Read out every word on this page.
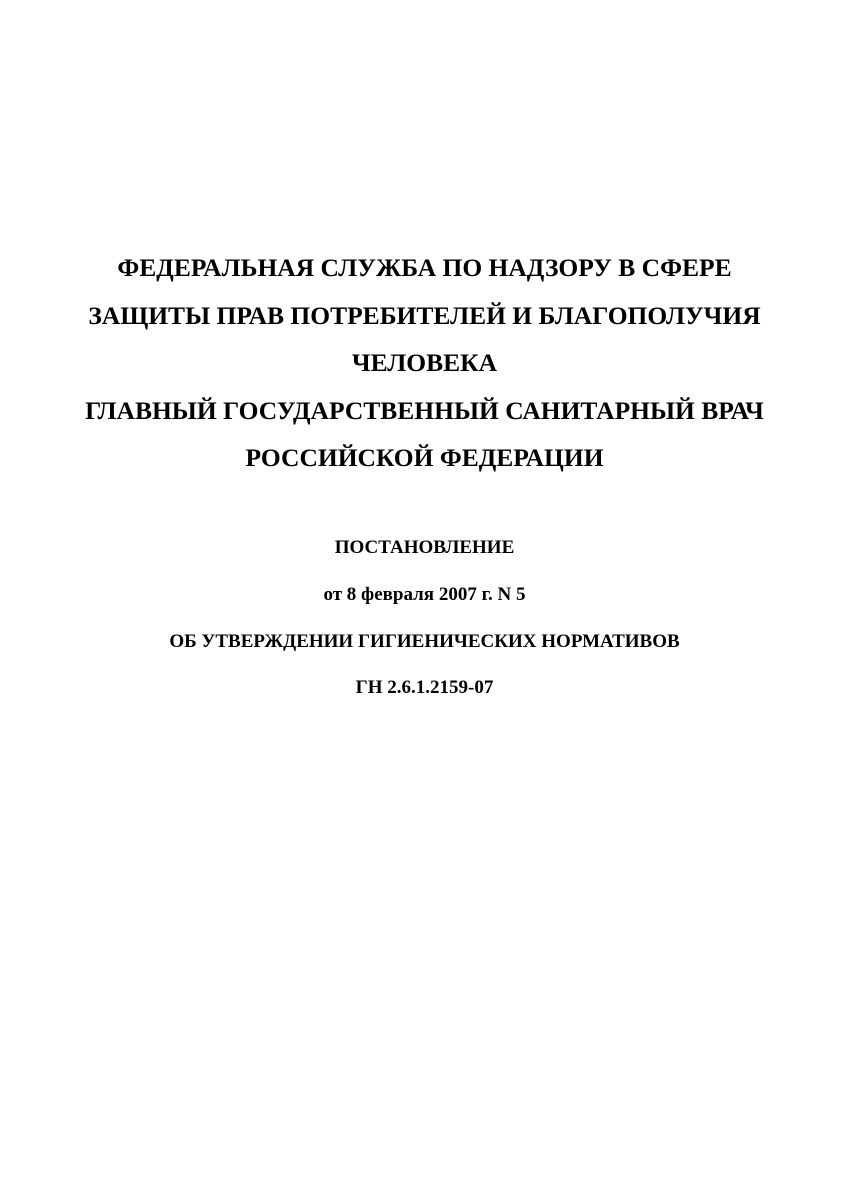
ФЕДЕРАЛЬНАЯ СЛУЖБА ПО НАДЗОРУ В СФЕРЕ
ЗАЩИТЫ ПРАВ ПОТРЕБИТЕЛЕЙ И БЛАГОПОЛУЧИЯ
ЧЕЛОВЕКА
ГЛАВНЫЙ ГОСУДАРСТВЕННЫЙ САНИТАРНЫЙ ВРАЧ
РОССИЙСКОЙ ФЕДЕРАЦИИ

ПОСТАНОВЛЕНИЕ

от 8 февраля 2007 г. N 5

ОБ УТВЕРЖДЕНИИ ГИГИЕНИЧЕСКИХ НОРМАТИВОВ

ГН 2.6.1.2159-07
